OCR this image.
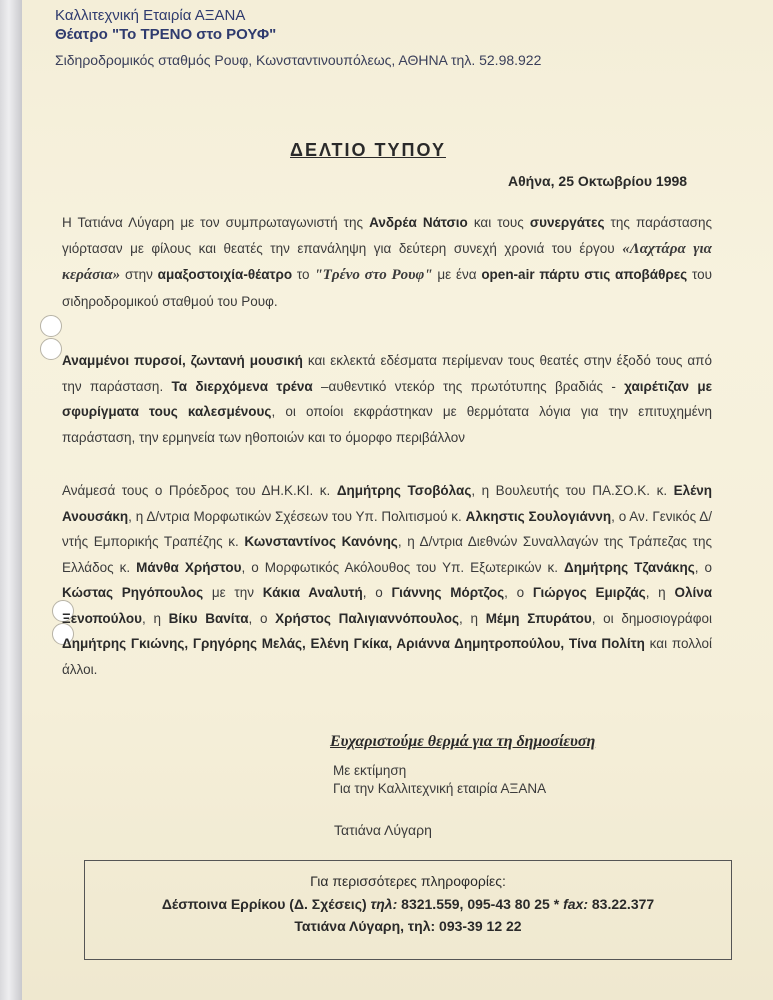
Καλλιτεχνική Εταιρία ΑΞΑΝΑ
Θέατρο "Το ΤΡΕΝΟ στο ΡΟΥΦ"
Σιδηροδρομικός σταθμός Ρουφ, Κωνσταντινουπόλεως, ΑΘΗΝΑ τηλ. 52.98.922
ΔΕΛΤΙΟ ΤΥΠΟΥ
Αθήνα, 25 Οκτωβρίου 1998
Η Τατιάνα Λύγαρη με τον συμπρωταγωνιστή της Ανδρέα Νάτσιο και τους συνεργάτες της παράστασης γιόρτασαν με φίλους και θεατές την επανάληψη για δεύτερη συνεχή χρονιά του έργου «Λαχτάρα για κεράσια» στην αμαξοστοιχία-θέατρο το "Τρένο στο Ρουφ" με ένα open-air πάρτυ στις αποβάθρες του σιδηροδρομικού σταθμού του Ρουφ.
Αναμμένοι πυρσοί, ζωντανή μουσική και εκλεκτά εδέσματα περίμεναν τους θεατές στην έξοδό τους από την παράσταση. Τα διερχόμενα τρένα –αυθεντικό ντεκόρ της πρωτότυπης βραδιάς - χαιρέτιζαν με σφυρίγματα τους καλεσμένους, οι οποίοι εκφράστηκαν με θερμότατα λόγια για την επιτυχημένη παράσταση, την ερμηνεία των ηθοποιών και το όμορφο περιβάλλον
Ανάμεσά τους ο Πρόεδρος του ΔΗ.Κ.ΚΙ. κ. Δημήτρης Τσοβόλας, η Βουλευτής του ΠΑ.ΣΟ.Κ. κ. Ελένη Ανουσάκη, η Δ/ντρια Μορφωτικών Σχέσεων του Υπ. Πολιτισμού κ. Αλκηστις Σουλογιάννη, ο Αν. Γενικός Δ/ντής Εμπορικής Τραπέζης κ. Κωνσταντίνος Κανόνης, η Δ/ντρια Διεθνών Συναλλαγών της Τράπεζας της Ελλάδος κ. Μάνθα Χρήστου, ο Μορφωτικός Ακόλουθος του Υπ. Εξωτερικών κ. Δημήτρης Τζανάκης, ο Κώστας Ρηγόπουλος με την Κάκια Αναλυτή, ο Γιάννης Μόρτζος, ο Γιώργος Εμιρζάς, η Ολίνα Ξενοπούλου, η Βίκυ Βανίτα, ο Χρήστος Παλιγιαννόπουλος, η Μέμη Σπυράτου, οι δημοσιογράφοι Δημήτρης Γκιώνης, Γρηγόρης Μελάς, Ελένη Γκίκα, Αριάννα Δημητροπούλου, Τίνα Πολίτη και πολλοί άλλοι.
Ευχαριστούμε θερμά για τη δημοσίευση
Με εκτίμηση
Για την Καλλιτεχνική εταιρία ΑΞΑΝΑ
Τατιάνα Λύγαρη
Για περισσότερες πληροφορίες:
Δέσποινα Ερρίκου (Δ. Σχέσεις) τηλ: 8321.559, 095-43 80 25 * fax: 83.22.377
Τατιάνα Λύγαρη, τηλ: 093-39 12 22
